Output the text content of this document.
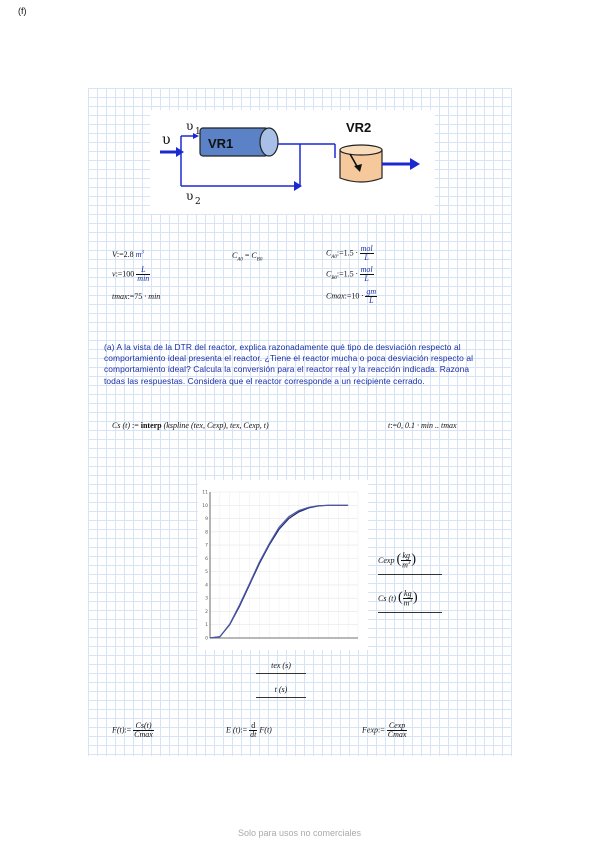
(f)
VR1
VR2
υ
υ 1
υ 2
V:=2.8 $m^3$
v:=100 $\frac{L}{\min}$
tmax:=75 · min
$C_{A0} = C_{B0}$
$C_{A0}:=1.5 \cdot \frac{\text{mol}}{L}$
$C_{B0}:=1.5 \cdot \frac{\text{mol}}{L}$
Cmax:=10 · $\frac{gm}{L}$
(a) A la vista de la DTR del reactor, explica razonadamente qué tipo de desviación respecto al comportamiento ideal presenta el reactor. ¿Tiene el reactor mucha o poca desviación respecto al comportamiento ideal? Calcula la conversión para el reactor real y la reacción indicada. Razona todas las respuestas. Considera que el reactor corresponde a un recipiente cerrado.
Cs (t) := interp (kspline (tex, Cexp), tex, Cexp, t)	t:=0, 0.1 · min .. tmax
0
1
2
3
4
5
6
7
8
9
10
11
Cexp ( $\frac{kg}{m^3}$ )
Cs (t) ( $\frac{kg}{m^3}$ )
tex (s)
t (s)
F(t):= $\frac{Cs(t)}{Cmax}$	E (t):= $\frac{d}{dt} F(t)$	Fexp:= $\frac{Cexp}{Cmax}$
Solo para usos no comerciales
